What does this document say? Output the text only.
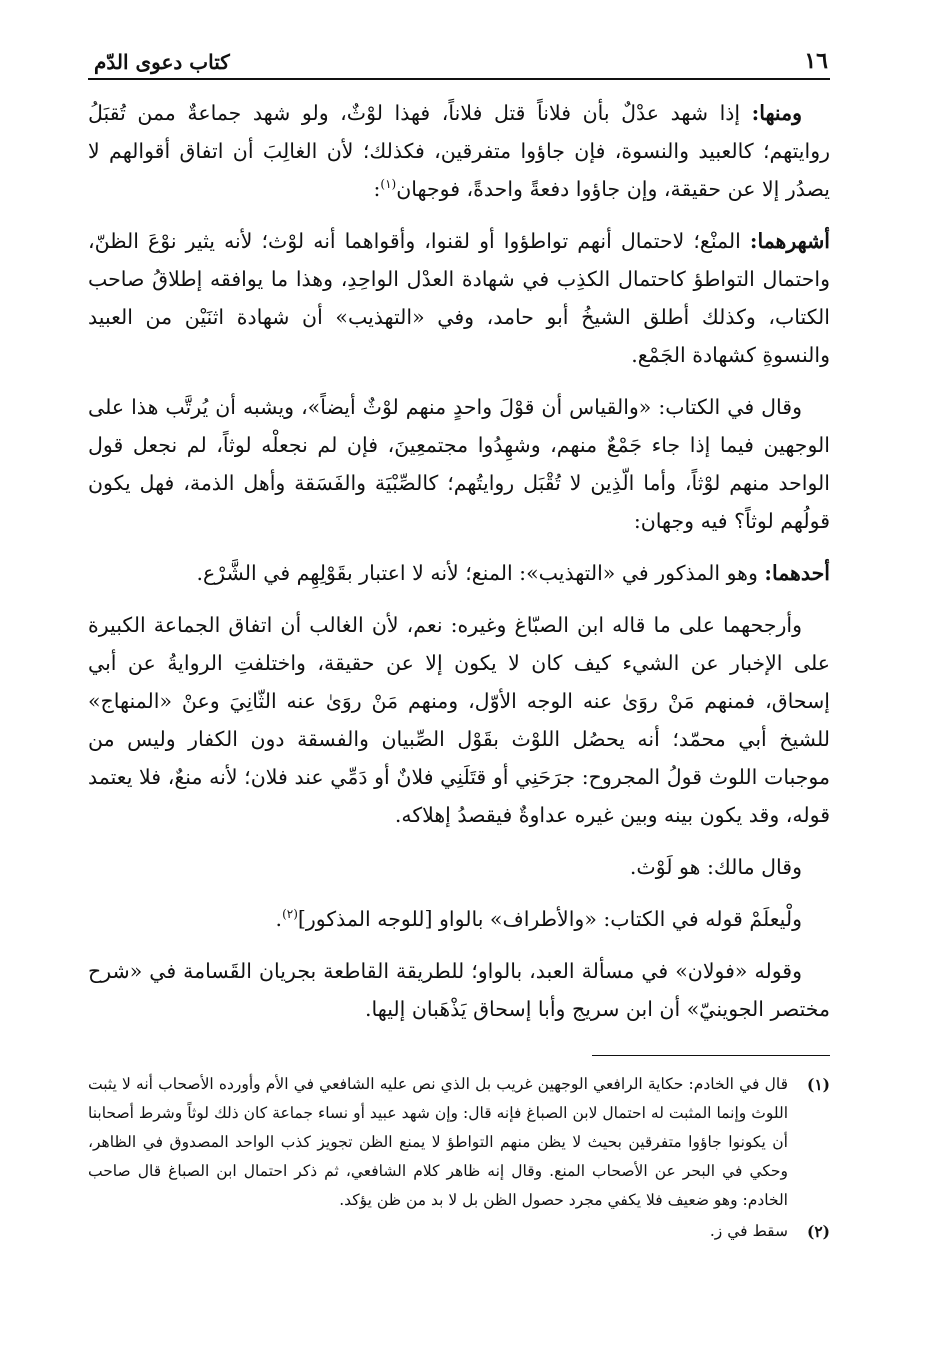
١٦
كتاب دعوى الدّم

ومنها: إذا شهد عدْلٌ بأن فلاناً قتل فلاناً، فهذا لوْثٌ، ولو شهد جماعةٌ ممن تُقبَلُ روايتهم؛ كالعبيد والنسوة، فإن جاؤوا متفرقين، فكذلك؛ لأن الغالِبَ أن اتفاق أقوالهم لا يصدُر إلا عن حقيقة، وإن جاؤوا دفعةً واحدةً، فوجهان$^{(١)}$:

أشهرهما: المنْع؛ لاحتمال أنهم تواطؤوا أو لقنوا، وأقواهما أنه لوْث؛ لأنه يثير نوْعَ الظنّ، واحتمال التواطؤ كاحتمال الكذِب في شهادة العدْل الواحِدِ، وهذا ما يوافقه إطلاقُ صاحب الكتاب، وكذلك أطلق الشيخُ أبو حامد، وفي «التهذيب» أن شهادة اثنَيْن من العبيد والنسوةِ كشهادة الجَمْع.

وقال في الكتاب: «والقياس أن قوْلَ واحدٍ منهم لوْثٌ أيضاً»، ويشبه أن يُرتَّب هذا على الوجهين فيما إذا جاء جَمْعٌ منهم، وشهِدُوا مجتمعِينَ، فإن لم نجعلْه لوثاً، لم نجعل قول الواحد منهم لوْثاً، وأما الّذِين لا تُقْبَل روايتُهم؛ كالصِّبْيَة والفَسَقة وأهل الذمة، فهل يكون قولُهم لوثاً؟ فيه وجهان:

أحدهما: وهو المذكور في «التهذيب»: المنع؛ لأنه لا اعتبار بقَوْلِهِم في الشَّرْع.

وأرجحهما على ما قاله ابن الصبّاغ وغيره: نعم، لأن الغالب أن اتفاق الجماعة الكبيرة على الإخبار عن الشيء كيف كان لا يكون إلا عن حقيقة، واختلفتِ الروايةُ عن أبي إسحاق، فمنهم مَنْ روَىٰ عنه الوجه الأوّل، ومنهم مَنْ روَىٰ عنه الثّانِيَ وعنْ «المنهاج» للشيخ أبي محمّد؛ أنه يحصُل اللوْث بقَوْل الصِّبيان والفسقة دون الكفار وليس من موجبات اللوث قولُ المجروح: جرَحَنِي أو قتَلَنِي فلانٌ أو دَمِّي عند فلان؛ لأنه منعٌ، فلا يعتمد قوله، وقد يكون بينه وبين غيره عداوةٌ فيقصدُ إهلاكه.

وقال مالك: هو لَوْث.

ولْيعلَمْ قوله في الكتاب: «والأطراف» بالواو [للوجه المذكور]$^{(٢)}$.

وقوله «فولان» في مسألة العبد، بالواو؛ للطريقة القاطعة بجريان القَسامة في «شرح مختصر الجوينيّ» أن ابن سريج وأبا إسحاق يَذْهَبان إليها.

(١)
قال في الخادم: حكاية الرافعي الوجهين غريب بل الذي نص عليه الشافعي في الأم وأورده الأصحاب أنه لا يثبت اللوث وإنما المثبت له احتمال لابن الصباغ فإنه قال: وإن شهد عبيد أو نساء جماعة كان ذلك لوثاً وشرط أصحابنا أن يكونوا جاؤوا متفرقين بحيث لا يظن منهم التواطؤ لا يمنع الظن تجويز كذب الواحد المصدوق في الظاهر، وحكي في البحر عن الأصحاب المنع. وقال إنه ظاهر كلام الشافعي، ثم ذكر احتمال ابن الصباغ قال صاحب الخادم: وهو ضعيف فلا يكفي مجرد حصول الظن بل لا بد من ظن يؤكد.
(٢)
سقط في ز.
